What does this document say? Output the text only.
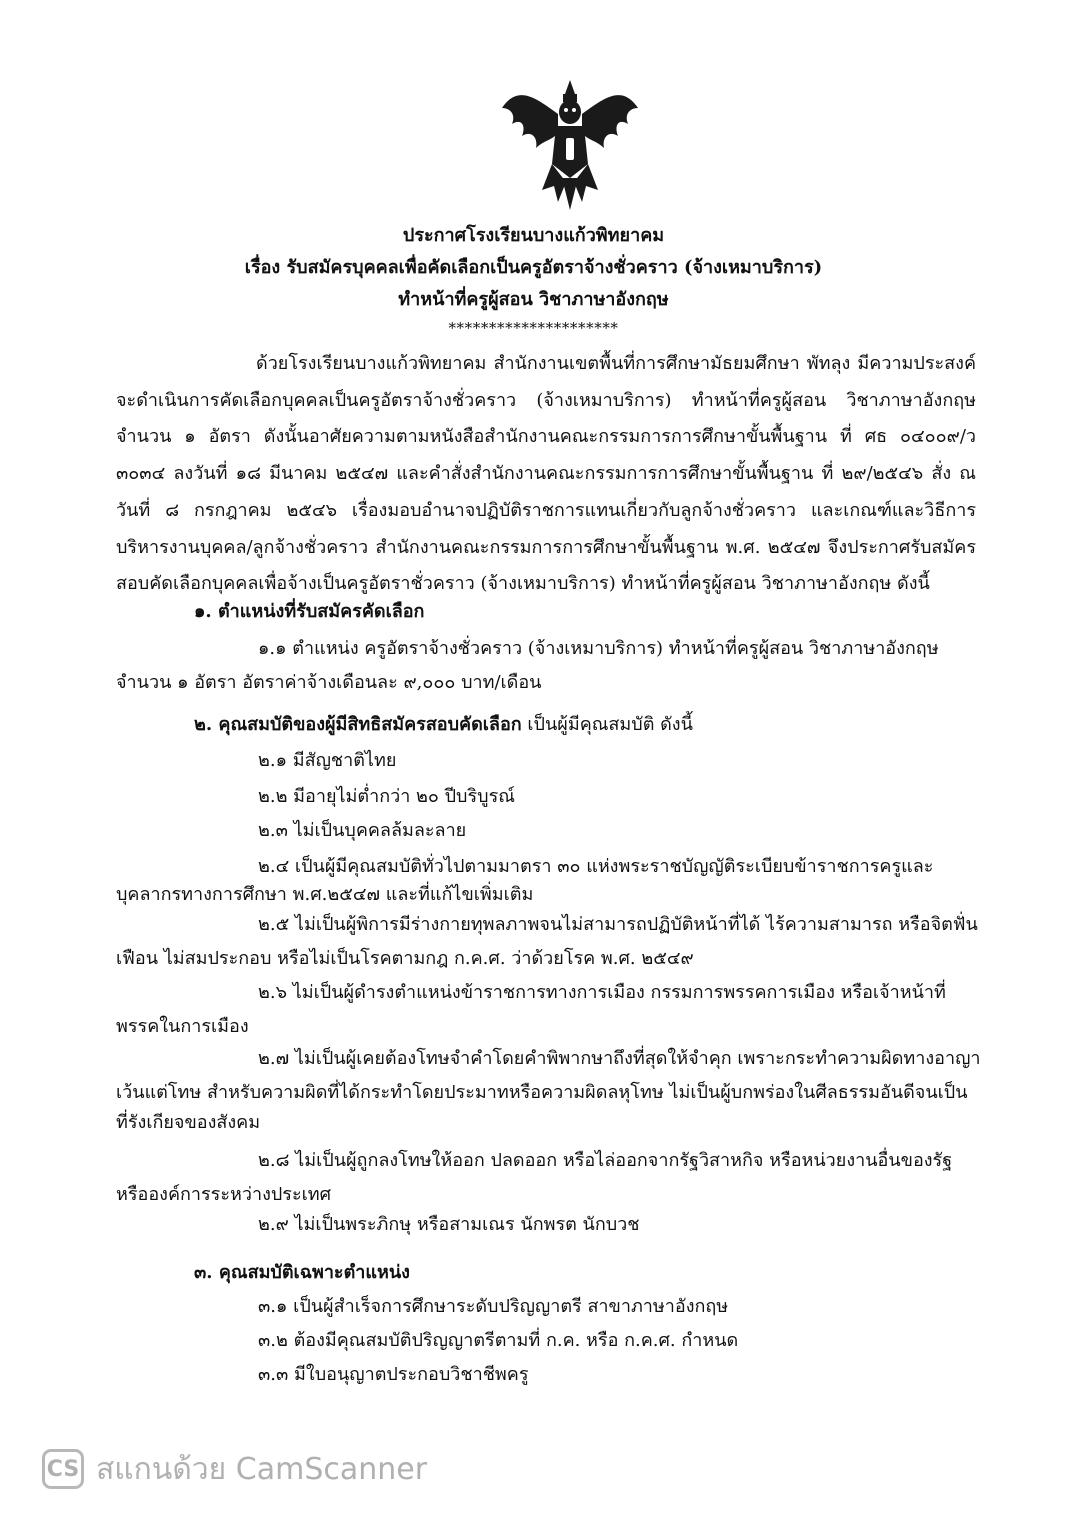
ประกาศโรงเรียนบางแก้วพิทยาคม
เรื่อง รับสมัครบุคคลเพื่อคัดเลือกเป็นครูอัตราจ้างชั่วคราว (จ้างเหมาบริการ)
ทำหน้าที่ครูผู้สอน วิชาภาษาอังกฤษ
*********************
ด้วยโรงเรียนบางแก้วพิทยาคม สำนักงานเขตพื้นที่การศึกษามัธยมศึกษา พัทลุง มีความประสงค์ จะดำเนินการคัดเลือกบุคคลเป็นครูอัตราจ้างชั่วคราว (จ้างเหมาบริการ) ทำหน้าที่ครูผู้สอน วิชาภาษาอังกฤษ จำนวน ๑ อัตรา ดังนั้นอาศัยความตามหนังสือสำนักงานคณะกรรมการการศึกษาขั้นพื้นฐาน ที่ ศธ ๐๔๐๐๙/ว ๓๐๓๔ ลงวันที่ ๑๘ มีนาคม ๒๕๔๗ และคำสั่งสำนักงานคณะกรรมการการศึกษาขั้นพื้นฐาน ที่ ๒๙/๒๕๔๖ สั่ง ณ วันที่ ๘ กรกฎาคม ๒๕๔๖ เรื่องมอบอำนาจปฏิบัติราชการแทนเกี่ยวกับลูกจ้างชั่วคราว และเกณฑ์และวิธีการบริหารงานบุคคล/ลูกจ้างชั่วคราว สำนักงานคณะกรรมการการศึกษาขั้นพื้นฐาน พ.ศ. ๒๕๔๗ จึงประกาศรับสมัครสอบคัดเลือกบุคคลเพื่อจ้างเป็นครูอัตราชั่วคราว (จ้างเหมาบริการ) ทำหน้าที่ครูผู้สอน วิชาภาษาอังกฤษ ดังนี้
๑. ตำแหน่งที่รับสมัครคัดเลือก
๑.๑ ตำแหน่ง ครูอัตราจ้างชั่วคราว (จ้างเหมาบริการ) ทำหน้าที่ครูผู้สอน วิชาภาษาอังกฤษ
จำนวน ๑ อัตรา อัตราค่าจ้างเดือนละ ๙,๐๐๐ บาท/เดือน
๒. คุณสมบัติของผู้มีสิทธิสมัครสอบคัดเลือก เป็นผู้มีคุณสมบัติ ดังนี้
๒.๑ มีสัญชาติไทย
๒.๒ มีอายุไม่ต่ำกว่า ๒๐ ปีบริบูรณ์
๒.๓ ไม่เป็นบุคคลล้มละลาย
๒.๔ เป็นผู้มีคุณสมบัติทั่วไปตามมาตรา ๓๐ แห่งพระราชบัญญัติระเบียบข้าราชการครูและ
บุคลากรทางการศึกษา พ.ศ.๒๕๔๗ และที่แก้ไขเพิ่มเติม
๒.๕ ไม่เป็นผู้พิการมีร่างกายทุพลภาพจนไม่สามารถปฏิบัติหน้าที่ได้ ไร้ความสามารถ หรือจิตฟั่น
เฟือน ไม่สมประกอบ หรือไม่เป็นโรคตามกฎ ก.ค.ศ. ว่าด้วยโรค พ.ศ. ๒๕๔๙
๒.๖ ไม่เป็นผู้ดำรงตำแหน่งข้าราชการทางการเมือง กรรมการพรรคการเมือง หรือเจ้าหน้าที่
พรรคในการเมือง
๒.๗ ไม่เป็นผู้เคยต้องโทษจำคำโดยคำพิพากษาถึงที่สุดให้จำคุก เพราะกระทำความผิดทางอาญา
เว้นแต่โทษ สำหรับความผิดที่ได้กระทำโดยประมาทหรือความผิดลหุโทษ ไม่เป็นผู้บกพร่องในศีลธรรมอันดีจนเป็น
ที่รังเกียจของสังคม
๒.๘ ไม่เป็นผู้ถูกลงโทษให้ออก ปลดออก หรือไล่ออกจากรัฐวิสาหกิจ หรือหน่วยงานอื่นของรัฐ
หรือองค์การระหว่างประเทศ
๒.๙ ไม่เป็นพระภิกษุ หรือสามเณร นักพรต นักบวช
๓. คุณสมบัติเฉพาะตำแหน่ง
๓.๑ เป็นผู้สำเร็จการศึกษาระดับปริญญาตรี สาขาภาษาอังกฤษ
๓.๒ ต้องมีคุณสมบัติปริญญาตรีตามที่ ก.ค. หรือ ก.ค.ศ. กำหนด
๓.๓ มีใบอนุญาตประกอบวิชาชีพครู
CS สแกนด้วย CamScanner
